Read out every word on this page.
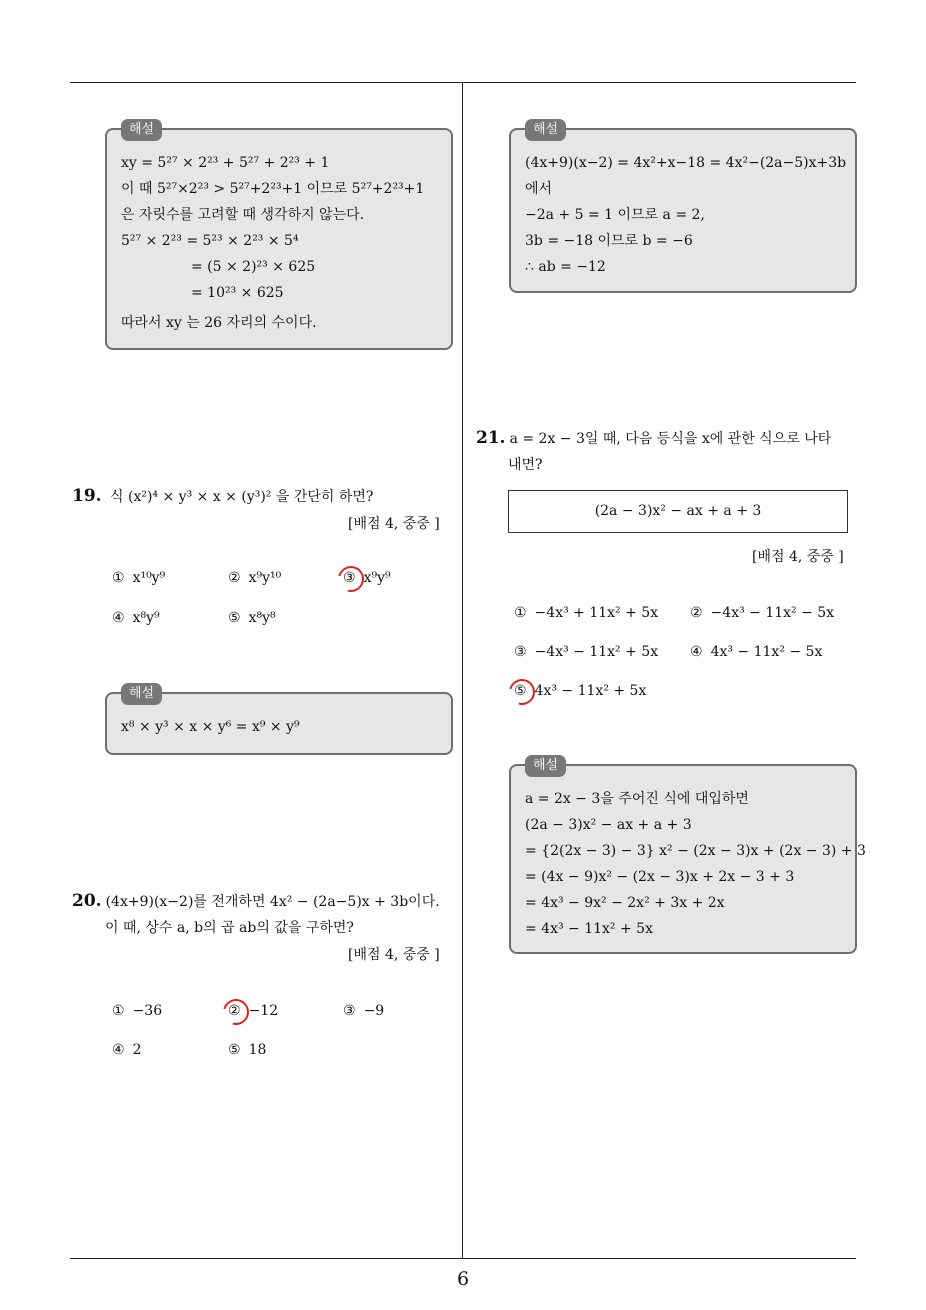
해설
xy = 5²⁷ × 2²³ + 5²⁷ + 2²³ + 1
이 때 5²⁷×2²³ > 5²⁷+2²³+1 이므로 5²⁷+2²³+1
은 자릿수를 고려할 때 생각하지 않는다.
5²⁷ × 2²³ = 5²³ × 2²³ × 5⁴
= (5 × 2)²³ × 625
= 10²³ × 625
따라서 xy 는 26 자리의 수이다.
19. 식 (x²)⁴ × y³ × x × (y³)² 을 간단히 하면?
[배점 4, 중중 ]
① x¹⁰y⁹	② x⁹y¹⁰	③ x⁹y⁹
④ x⁸y⁹	⑤ x⁸y⁸
해설
x⁸ × y³ × x × y⁶ = x⁹ × y⁹
20. (4x+9)(x−2)를 전개하면 4x² − (2a−5)x + 3b이다.
이 때, 상수 a, b의 곱 ab의 값을 구하면?
[배점 4, 중중 ]
① −36	② −12	③ −9
④ 2	⑤ 18
해설
(4x+9)(x−2) = 4x²+x−18 = 4x²−(2a−5)x+3b
에서
−2a + 5 = 1 이므로 a = 2,
3b = −18 이므로 b = −6
∴ ab = −12
21. a = 2x − 3일 때, 다음 등식을 x에 관한 식으로 나타
내면?
(2a − 3)x² − ax + a + 3
[배점 4, 중중 ]
① −4x³ + 11x² + 5x ② −4x³ − 11x² − 5x
③ −4x³ − 11x² + 5x ④ 4x³ − 11x² − 5x
⑤ 4x³ − 11x² + 5x
해설
a = 2x − 3을 주어진 식에 대입하면
(2a − 3)x² − ax + a + 3
= {2(2x − 3) − 3} x² − (2x − 3)x + (2x − 3) + 3
= (4x − 9)x² − (2x − 3)x + 2x − 3 + 3
= 4x³ − 9x² − 2x² + 3x + 2x
= 4x³ − 11x² + 5x
6
